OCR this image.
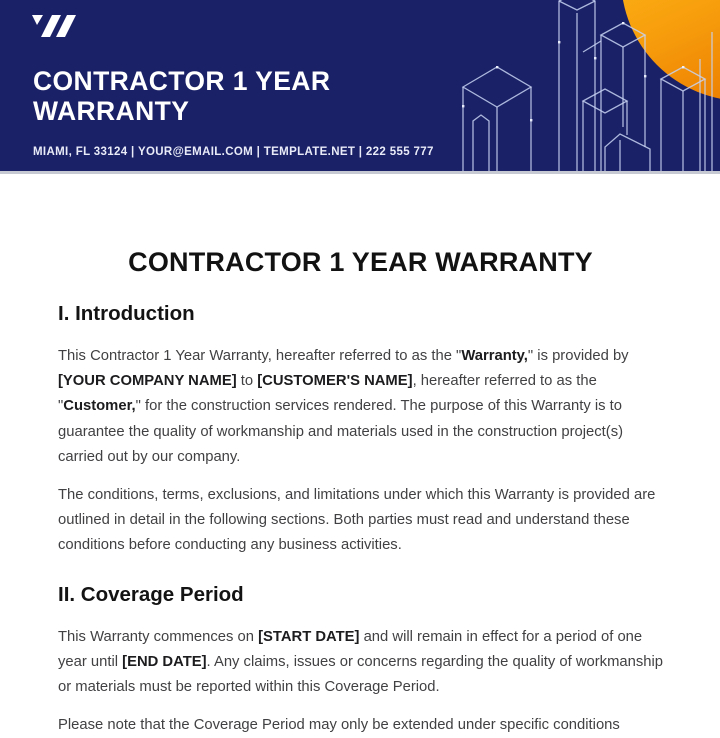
CONTRACTOR 1 YEAR
WARRANTY
MIAMI, FL 33124 | YOUR@EMAIL.COM | TEMPLATE.NET | 222 555 777
CONTRACTOR 1 YEAR WARRANTY
I. Introduction

This Contractor 1 Year Warranty, hereafter referred to as the "Warranty," is provided by [YOUR COMPANY NAME] to [CUSTOMER'S NAME], hereafter referred to as the "Customer," for the construction services rendered. The purpose of this Warranty is to guarantee the quality of workmanship and materials used in the construction project(s) carried out by our company.

The conditions, terms, exclusions, and limitations under which this Warranty is provided are outlined in detail in the following sections. Both parties must read and understand these conditions before conducting any business activities.

II. Coverage Period

This Warranty commences on [START DATE] and will remain in effect for a period of one year until [END DATE]. Any claims, issues or concerns regarding the quality of workmanship or materials must be reported within this Coverage Period.

Please note that the Coverage Period may only be extended under specific conditions
